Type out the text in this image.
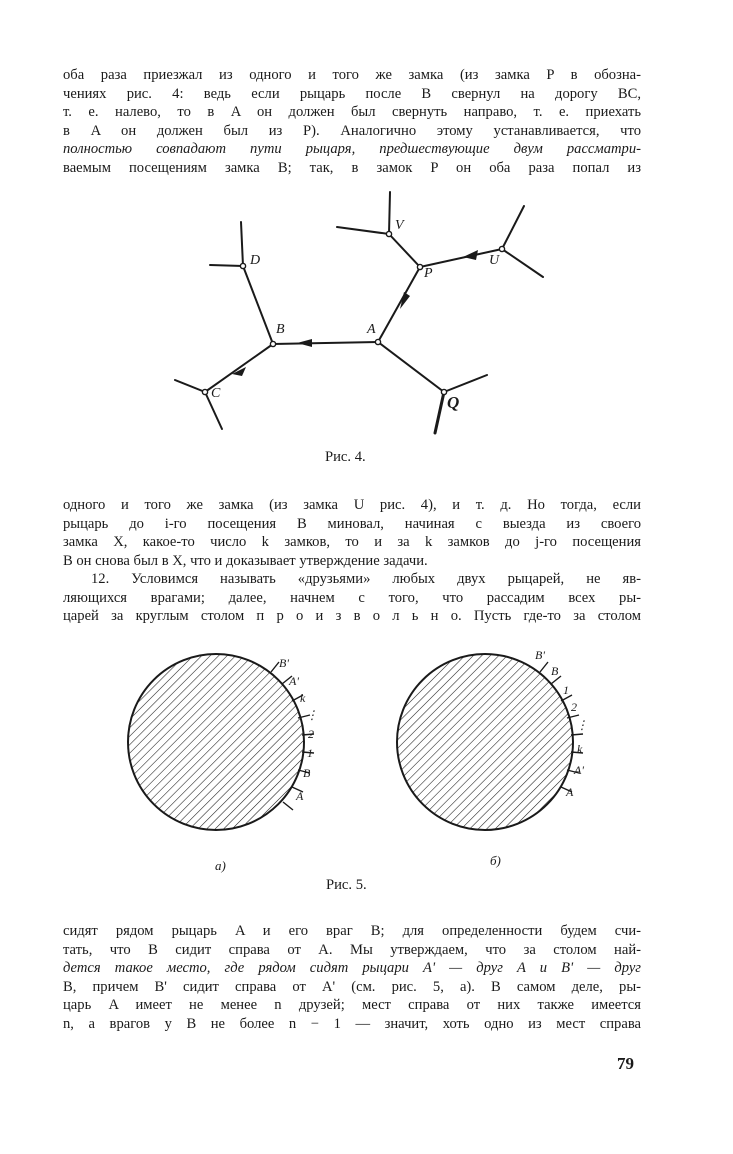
оба раза приезжал из одного и того же замка (из замка P в обозна-
чениях рис. 4: ведь если рыцарь после B свернул на дорогу BC,
т. е. налево, то в A он должен был свернуть направо, т. е. приехать
в A он должен был из P). Аналогично этому устанавливается, что
полностью совпадают пути рыцаря, предшествующие двум рассматри-
ваемым посещениям замка B; так, в замок P он оба раза попал из
D
V
P
U
B	A
C	Q
Рис. 4.
одного и того же замка (из замка U рис. 4), и т. д. Но тогда, если
рыцарь до i-го посещения B миновал, начиная с выезда из своего
замка X, какое-то число k замков, то и за k замков до j-го посещения
B он снова был в X, что и доказывает утверждение задачи.
12. Условимся называть «друзьями» любых двух рыцарей, не яв-
ляющихся врагами; далее, начнем с того, что рассадим всех ры-
царей за круглым столом п р о и з в о л ь н о. Пусть где-то за столом
B'
A'
k
⋮
2
1
B
A
B'
B
1
2
⋮
k
A'
A
а)	б)
Рис. 5.
сидят рядом рыцарь A и его враг B; для определенности будем счи-
тать, что B сидит справа от A. Мы утверждаем, что за столом най-
дется такое место, где рядом сидят рыцари A' — друг A и B' — друг
B, причем B' сидит справа от A' (см. рис. 5, а). В самом деле, ры-
царь A имеет не менее n друзей; мест справа от них также имеется
n, а врагов у B не более n − 1 — значит, хоть одно из мест справа
79
